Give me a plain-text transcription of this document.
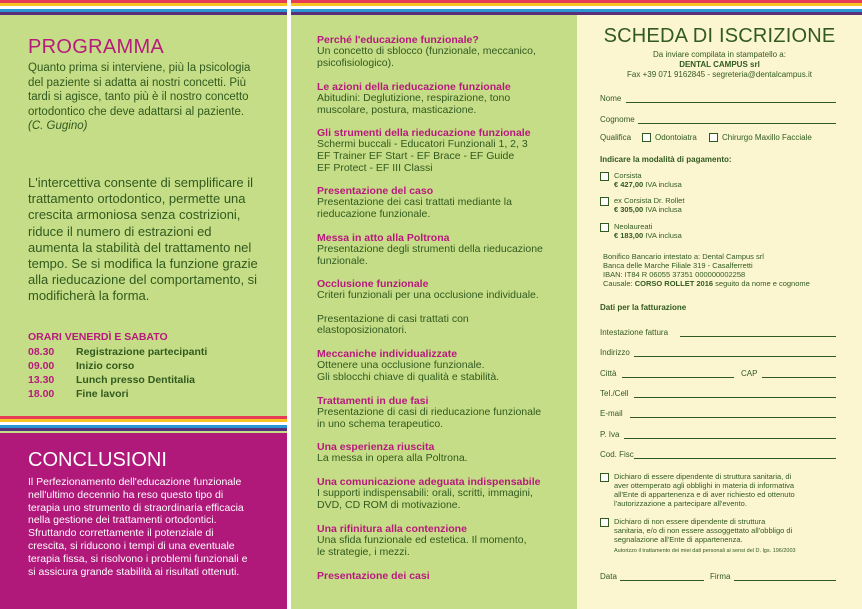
PROGRAMMA
Quanto prima si interviene, più la psicologia
del paziente si adatta ai nostri concetti. Più
tardi si agisce, tanto più è il nostro concetto
ortodontico che deve adattarsi al paziente.
(C. Gugino)
L'intercettiva consente di semplificare il
trattamento ortodontico, permette una
crescita armoniosa senza costrizioni,
riduce il numero di estrazioni ed
aumenta la stabilità del trattamento nel
tempo. Se si modifica la funzione grazie
alla rieducazione del comportamento, si
modificherà la forma.
ORARI VENERDÌ E SABATO
08.30 Registrazione partecipanti
09.00 Inizio corso
13.30 Lunch presso Dentitalia
18.00 Fine lavori
CONCLUSIONI
Il Perfezionamento dell'educazione funzionale
nell'ultimo decennio ha reso questo tipo di
terapia uno strumento di straordinaria efficacia
nella gestione dei trattamenti ortodontici.
Sfruttando correttamente il potenziale di
crescita, si riducono i tempi di una eventuale
terapia fissa, si risolvono i problemi funzionali e
si assicura grande stabilità ai risultati ottenuti.
Perché l'educazione funzionale?
Un concetto di sblocco (funzionale, meccanico,
psicofisiologico).
Le azioni della rieducazione funzionale
Abitudini: Deglutizione, respirazione, tono
muscolare, postura, masticazione.
Gli strumenti della rieducazione funzionale
Schermi buccali - Educatori Funzionali 1, 2, 3
EF Trainer EF Start - EF Brace - EF Guide
EF Protect - EF III Classi
Presentazione del caso
Presentazione dei casi trattati mediante la
rieducazione funzionale.
Messa in atto alla Poltrona
Presentazione degli strumenti della rieducazione
funzionale.
Occlusione funzionale
Criteri funzionali per una occlusione individuale.
Presentazione di casi trattati con
elastoposizionatori.
Meccaniche individualizzate
Ottenere una occlusione funzionale.
Gli sblocchi chiave di qualità e stabilità.
Trattamenti in due fasi
Presentazione di casi di rieducazione funzionale
in uno schema terapeutico.
Una esperienza riuscita
La messa in opera alla Poltrona.
Una comunicazione adeguata indispensabile
I supporti indispensabili: orali, scritti, immagini,
DVD, CD ROM di motivazione.
Una rifinitura alla contenzione
Una sfida funzionale ed estetica. Il momento,
le strategie, i mezzi.
Presentazione dei casi
SCHEDA DI ISCRIZIONE
Da inviare compilata in stampatello a:
DENTAL CAMPUS srl
Fax +39 071 9162845 - segreteria@dentalcampus.it
Nome
Cognome
Qualifica	Odontoiatra	Chirurgo Maxillo Facciale
Indicare la modalità di pagamento:
Corsista
€ 427,00 IVA inclusa
ex Corsista Dr. Rollet
€ 305,00 IVA inclusa
Neolaureati
€ 183,00 IVA inclusa
Bonifico Bancario intestato a: Dental Campus srl
Banca delle Marche Filiale 319 - Casalferretti
IBAN: IT84 R 06055 37351 000000002258
Causale: CORSO ROLLET 2016 seguito da nome e cognome
Dati per la fatturazione
Intestazione fattura
Indirizzo
Città	CAP
Tel./Cell
E-mail
P. Iva
Cod. Fisc
Dichiaro di essere dipendente di struttura sanitaria, di
aver ottemperato agli obblighi in materia di informativa
all'Ente di appartenenza e di aver richiesto ed ottenuto
l'autorizzazione a partecipare all'evento.
Dichiaro di non essere dipendente di struttura
sanitaria, e/o di non essere assoggettato all'obbligo di
segnalazione all'Ente di appartenenza.
Autorizzo il trattamento dei miei dati personali ai sensi del D. lgs. 196/2003
Data	Firma
